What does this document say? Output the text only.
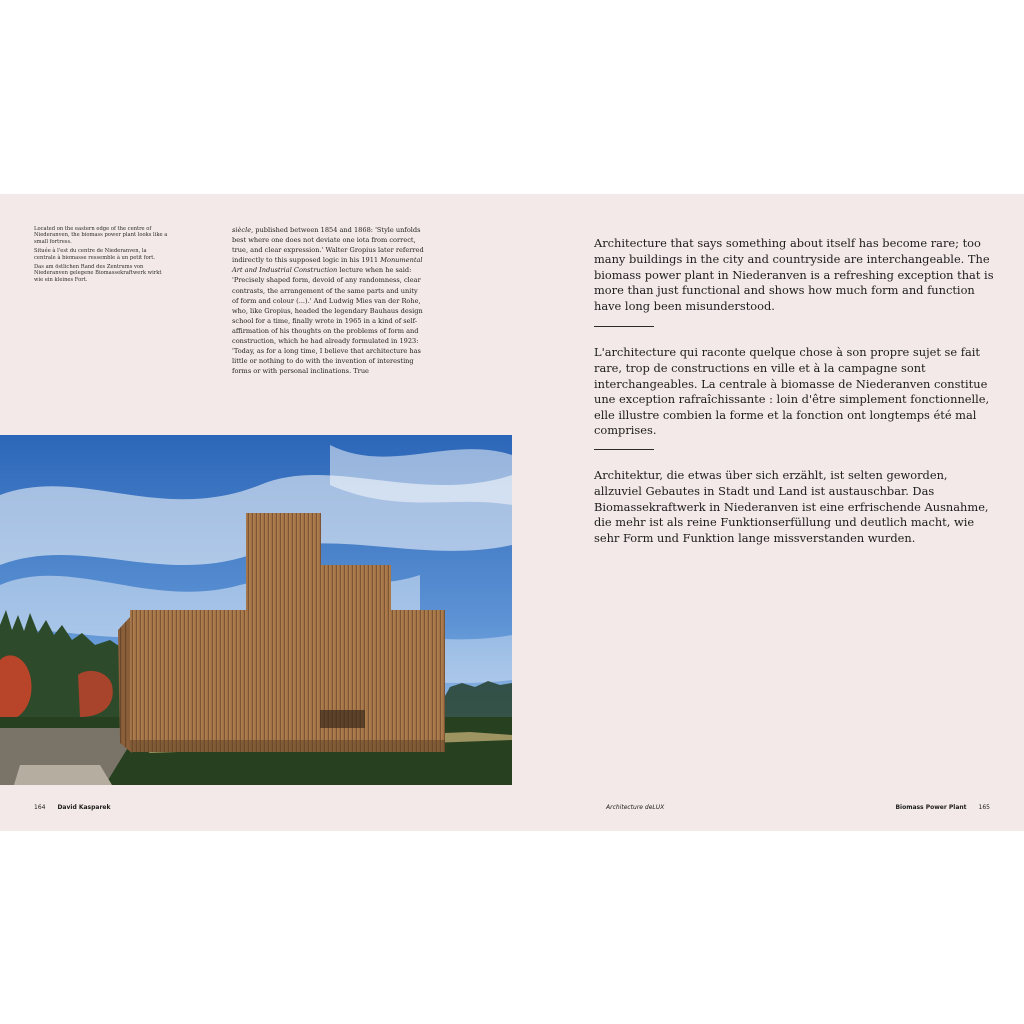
Located on the eastern edge of the centre of Niederanven, the biomass power plant looks like a small fortress.

Située à l'est du centre de Niederanven, la centrale à biomasse ressemble à un petit fort.

Das am östlichen Rand des Zentrums von Niederanven gelegene Biomassekraftwerk wirkt wie ein kleines Fort.

siècle, published between 1854 and 1868: 'Style unfolds best where one does not deviate one iota from correct, true, and clear expression.' Walter Gropius later referred indirectly to this supposed logic in his 1911 Monumental Art and Industrial Construction lecture when he said: 'Precisely shaped form, devoid of any randomness, clear contrasts, the arrangement of the same parts and unity of form and colour (...).' And Ludwig Mies van der Rohe, who, like Gropius, headed the legendary Bauhaus design school for a time, finally wrote in 1965 in a kind of self-affirmation of his thoughts on the problems of form and construction, which he had already formulated in 1923: 'Today, as for a long time, I believe that architecture has little or nothing to do with the invention of interesting forms or with personal inclinations. True

Architecture that says something about itself has become rare; too many buildings in the city and countryside are interchangeable. The biomass power plant in Niederanven is a refreshing exception that is more than just functional and shows how much form and function have long been misunderstood.

L'architecture qui raconte quelque chose à son propre sujet se fait rare, trop de constructions en ville et à la campagne sont interchangeables. La centrale à biomasse de Niederanven constitue une exception rafraîchissante : loin d'être simplement fonctionnelle, elle illustre combien la forme et la fonction ont longtemps été mal comprises.

Architektur, die etwas über sich erzählt, ist selten geworden, allzuviel Gebautes in Stadt und Land ist austauschbar. Das Biomassekraftwerk in Niederanven ist eine erfrischende Ausnahme, die mehr ist als reine Funktionserfüllung und deutlich macht, wie sehr Form und Funktion lange missverstanden wurden.

164 David Kasparek	Architecture deLUX	Biomass Power Plant 165
